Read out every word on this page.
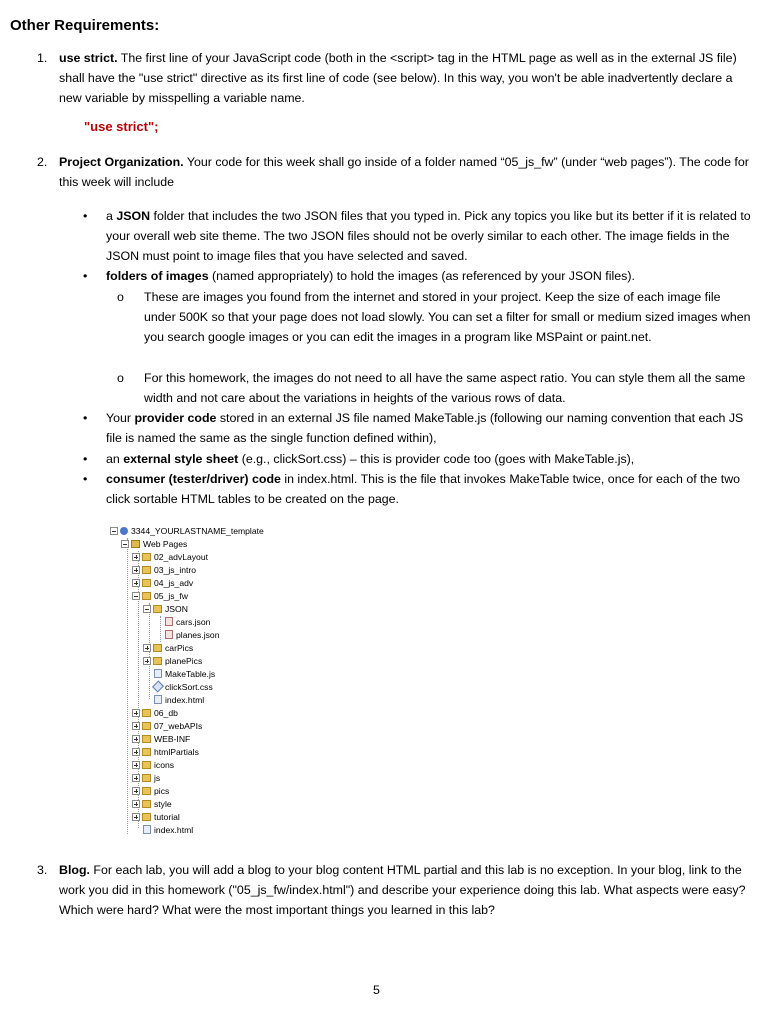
Other Requirements:
1. use strict. The first line of your JavaScript code (both in the <script> tag in the HTML page as well as in the external JS file) shall have the "use strict" directive as its first line of code (see below). In this way, you won't be able inadvertently declare a new variable by misspelling a variable name.
"use strict";
2. Project Organization. Your code for this week shall go inside of a folder named “05_js_fw” (under “web pages”). The code for this week will include
• a JSON folder that includes the two JSON files that you typed in. Pick any topics you like but its better if it is related to your overall web site theme. The two JSON files should not be overly similar to each other. The image fields in the JSON must point to image files that you have selected and saved.
• folders of images (named appropriately) to hold the images (as referenced by your JSON files).
o These are images you found from the internet and stored in your project. Keep the size of each image file under 500K so that your page does not load slowly. You can set a filter for small or medium sized images when you search google images or you can edit the images in a program like MSPaint or paint.net.
o For this homework, the images do not need to all have the same aspect ratio. You can style them all the same width and not care about the variations in heights of the various rows of data.
• Your provider code stored in an external JS file named MakeTable.js (following our naming convention that each JS file is named the same as the single function defined within),
• an external style sheet (e.g., clickSort.css) – this is provider code too (goes with MakeTable.js),
• consumer (tester/driver) code in index.html. This is the file that invokes MakeTable twice, once for each of the two click sortable HTML tables to be created on the page.
3344_YOURLASTNAME_template
Web Pages
02_advLayout
03_js_intro
04_js_adv
05_js_fw
JSON
cars.json
planes.json
carPics
planePics
MakeTable.js
clickSort.css
index.html
06_db
07_webAPIs
WEB-INF
htmlPartials
icons
js
pics
style
tutorial
index.html
3. Blog. For each lab, you will add a blog to your blog content HTML partial and this lab is no exception. In your blog, link to the work you did in this homework ("05_js_fw/index.html") and describe your experience doing this lab. What aspects were easy? Which were hard? What were the most important things you learned in this lab?
5
